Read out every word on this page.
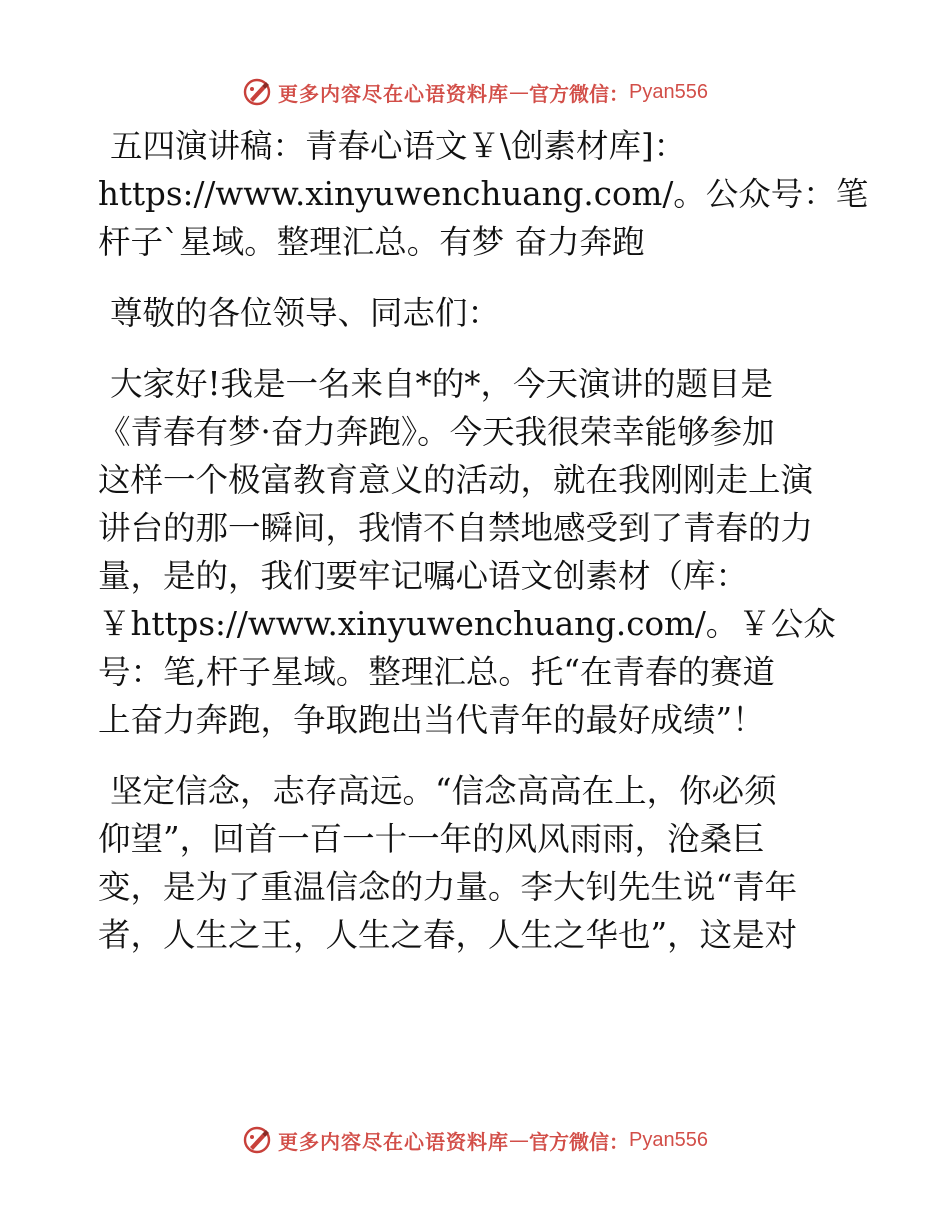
更多内容尽在心语资料库 — 官方微信： Pyan556
五四演讲稿：青春心语文￥\创素材库]：
https://www.xinyuwenchuang.com/。公众号：笔
杆子`星域。整理汇总。有梦 奋力奔跑
尊敬的各位领导、同志们：
大家好!我是一名来自*的*，今天演讲的题目是
《青春有梦·奋力奔跑》。今天我很荣幸能够参加
这样一个极富教育意义的活动，就在我刚刚走上演
讲台的那一瞬间，我情不自禁地感受到了青春的力
量，是的，我们要牢记嘱心语文创素材（库：
￥https://www.xinyuwenchuang.com/。￥公众
号：笔,杆子星域。整理汇总。托“在青春的赛道
上奋力奔跑，争取跑出当代青年的最好成绩”！
坚定信念，志存高远。“信念高高在上，你必须
仰望”，回首一百一十一年的风风雨雨，沧桑巨
变，是为了重温信念的力量。李大钊先生说“青年
者，人生之王，人生之春，人生之华也”，这是对
更多内容尽在心语资料库 — 官方微信： Pyan556
